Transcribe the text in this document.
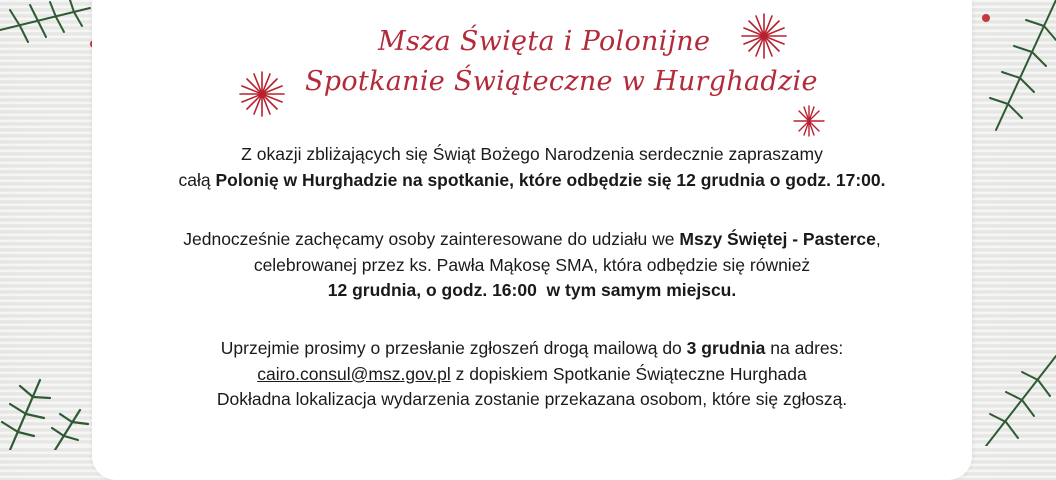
Msza Święta i Polonijne
Spotkanie Świąteczne w Hurghadzie
Z okazji zbliżających się Świąt Bożego Narodzenia serdecznie zapraszamy
całą Polonię w Hurghadzie na spotkanie, które odbędzie się 12 grudnia o godz. 17:00.
Jednocześnie zachęcamy osoby zainteresowane do udziału we Mszy Świętej - Pasterce,
celebrowanej przez ks. Pawła Mąkosę SMA, która odbędzie się również
12 grudnia, o godz. 16:00  w tym samym miejscu.
Uprzejmie prosimy o przesłanie zgłoszeń drogą mailową do 3 grudnia na adres:
cairo.consul@msz.gov.pl z dopiskiem Spotkanie Świąteczne Hurghada
Dokładna lokalizacja wydarzenia zostanie przekazana osobom, które się zgłoszą.
